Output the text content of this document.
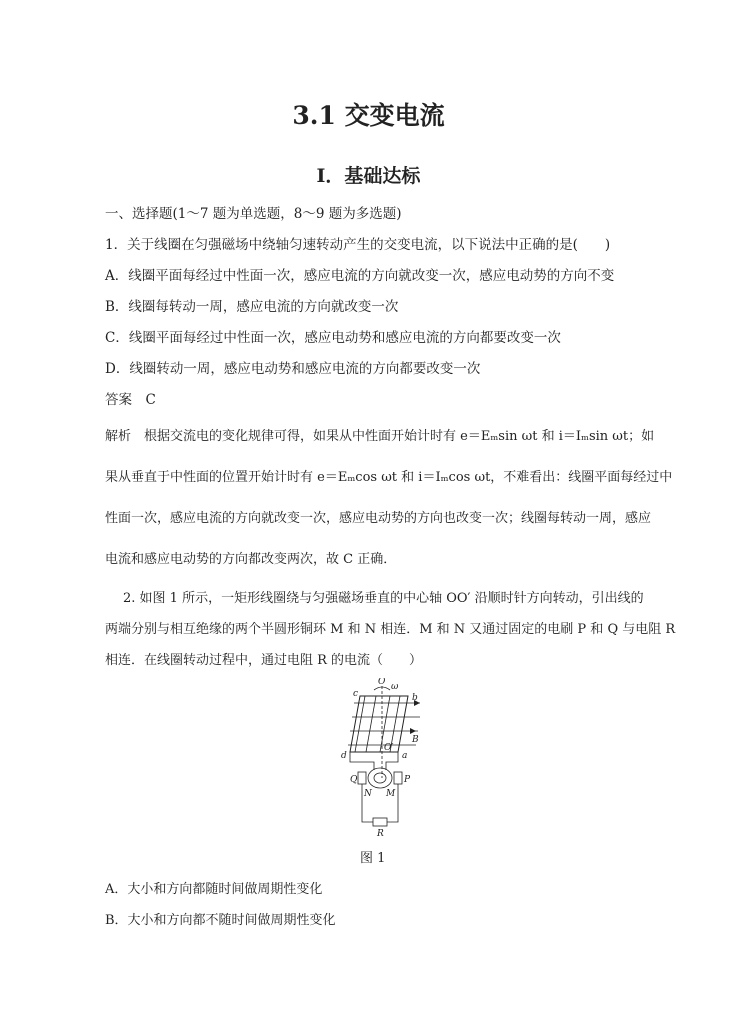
3.1 交变电流
Ⅰ．基础达标
一、选择题(1～7 题为单选题，8～9 题为多选题)
1．关于线圈在匀强磁场中绕轴匀速转动产生的交变电流，以下说法中正确的是(　　)
A．线圈平面每经过中性面一次，感应电流的方向就改变一次，感应电动势的方向不变
B．线圈每转动一周，感应电流的方向就改变一次
C．线圈平面每经过中性面一次，感应电动势和感应电流的方向都要改变一次
D．线圈转动一周，感应电动势和感应电流的方向都要改变一次
答案　C
解析　根据交流电的变化规律可得，如果从中性面开始计时有 e＝Eₘsin ωt 和 i＝Iₘsin ωt；如
果从垂直于中性面的位置开始计时有 e＝Eₘcos ωt 和 i＝Iₘcos ωt，不难看出：线圈平面每经过中
性面一次，感应电流的方向就改变一次，感应电动势的方向也改变一次；线圈每转动一周，感应
电流和感应电动势的方向都改变两次，故 C 正确．
2. 如图 1 所示，一矩形线圈绕与匀强磁场垂直的中心轴 OO′ 沿顺时针方向转动，引出线的
两端分别与相互绝缘的两个半圆形铜环 M 和 N 相连．M 和 N 又通过固定的电刷 P 和 Q 与电阻 R
相连．在线圈转动过程中，通过电阻 R 的电流（　　）
O ω
c	b
B
d
O′
a
Q	P
N M
R
图 1
A．大小和方向都随时间做周期性变化
B．大小和方向都不随时间做周期性变化
